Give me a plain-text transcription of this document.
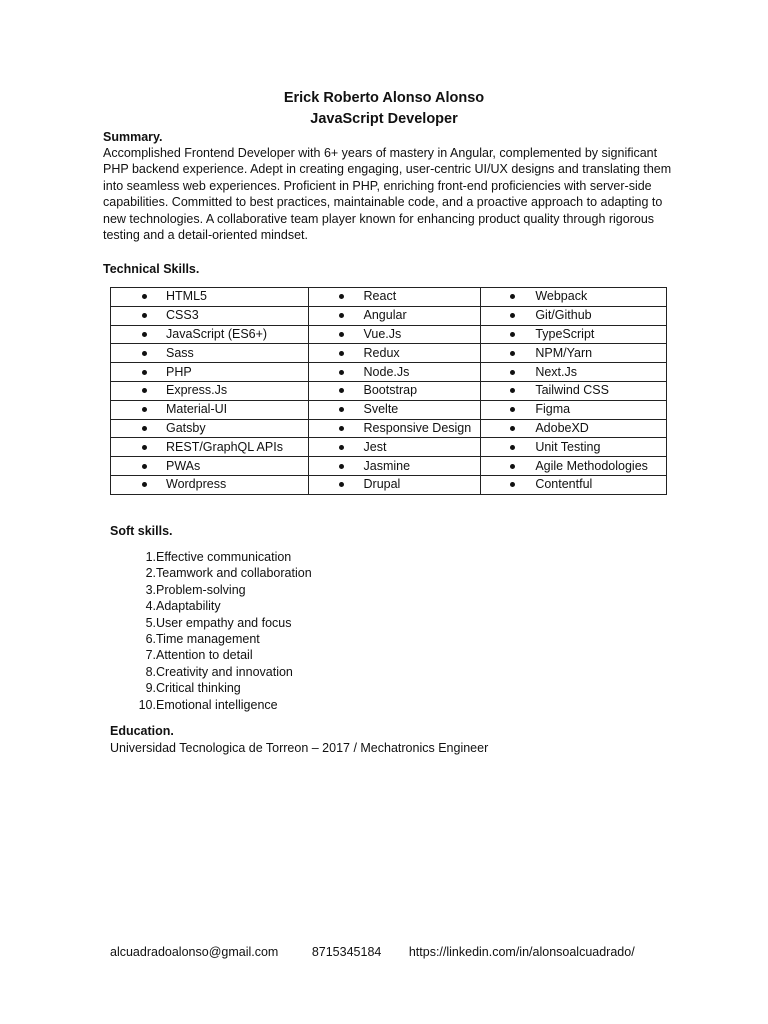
Erick Roberto Alonso Alonso
JavaScript Developer
Summary.

Accomplished Frontend Developer with 6+ years of mastery in Angular, complemented by significant PHP backend experience. Adept in creating engaging, user-centric UI/UX designs and translating them into seamless web experiences. Proficient in PHP, enriching front-end proficiencies with server-side capabilities. Committed to best practices, maintainable code, and a proactive approach to adapting to new technologies. A collaborative team player known for enhancing product quality through rigorous testing and a detail-oriented mindset.

Technical Skills.
HTML5	React	Webpack

CSS3	Angular	Git/Github

JavaScript (ES6+)	Vue.Js	TypeScript

Sass	Redux	NPM/Yarn

PHP	Node.Js	Next.Js

Express.Js	Bootstrap	Tailwind CSS

Material-UI	Svelte	Figma

Gatsby	Responsive Design	AdobeXD

REST/GraphQL APIs	Jest	Unit Testing

PWAs	Jasmine	Agile Methodologies

Wordpress	Drupal	Contentful
Soft skills.
1. Effective communication
2. Teamwork and collaboration
3. Problem-solving
4. Adaptability
5. User empathy and focus
6. Time management
7. Attention to detail
8. Creativity and innovation
9. Critical thinking
10. Emotional intelligence
Education.
Universidad Tecnologica de Torreon – 2017 / Mechatronics Engineer
alcuadradoalonso@gmail.com	8715345184 https://linkedin.com/in/alonsoalcuadrado/
